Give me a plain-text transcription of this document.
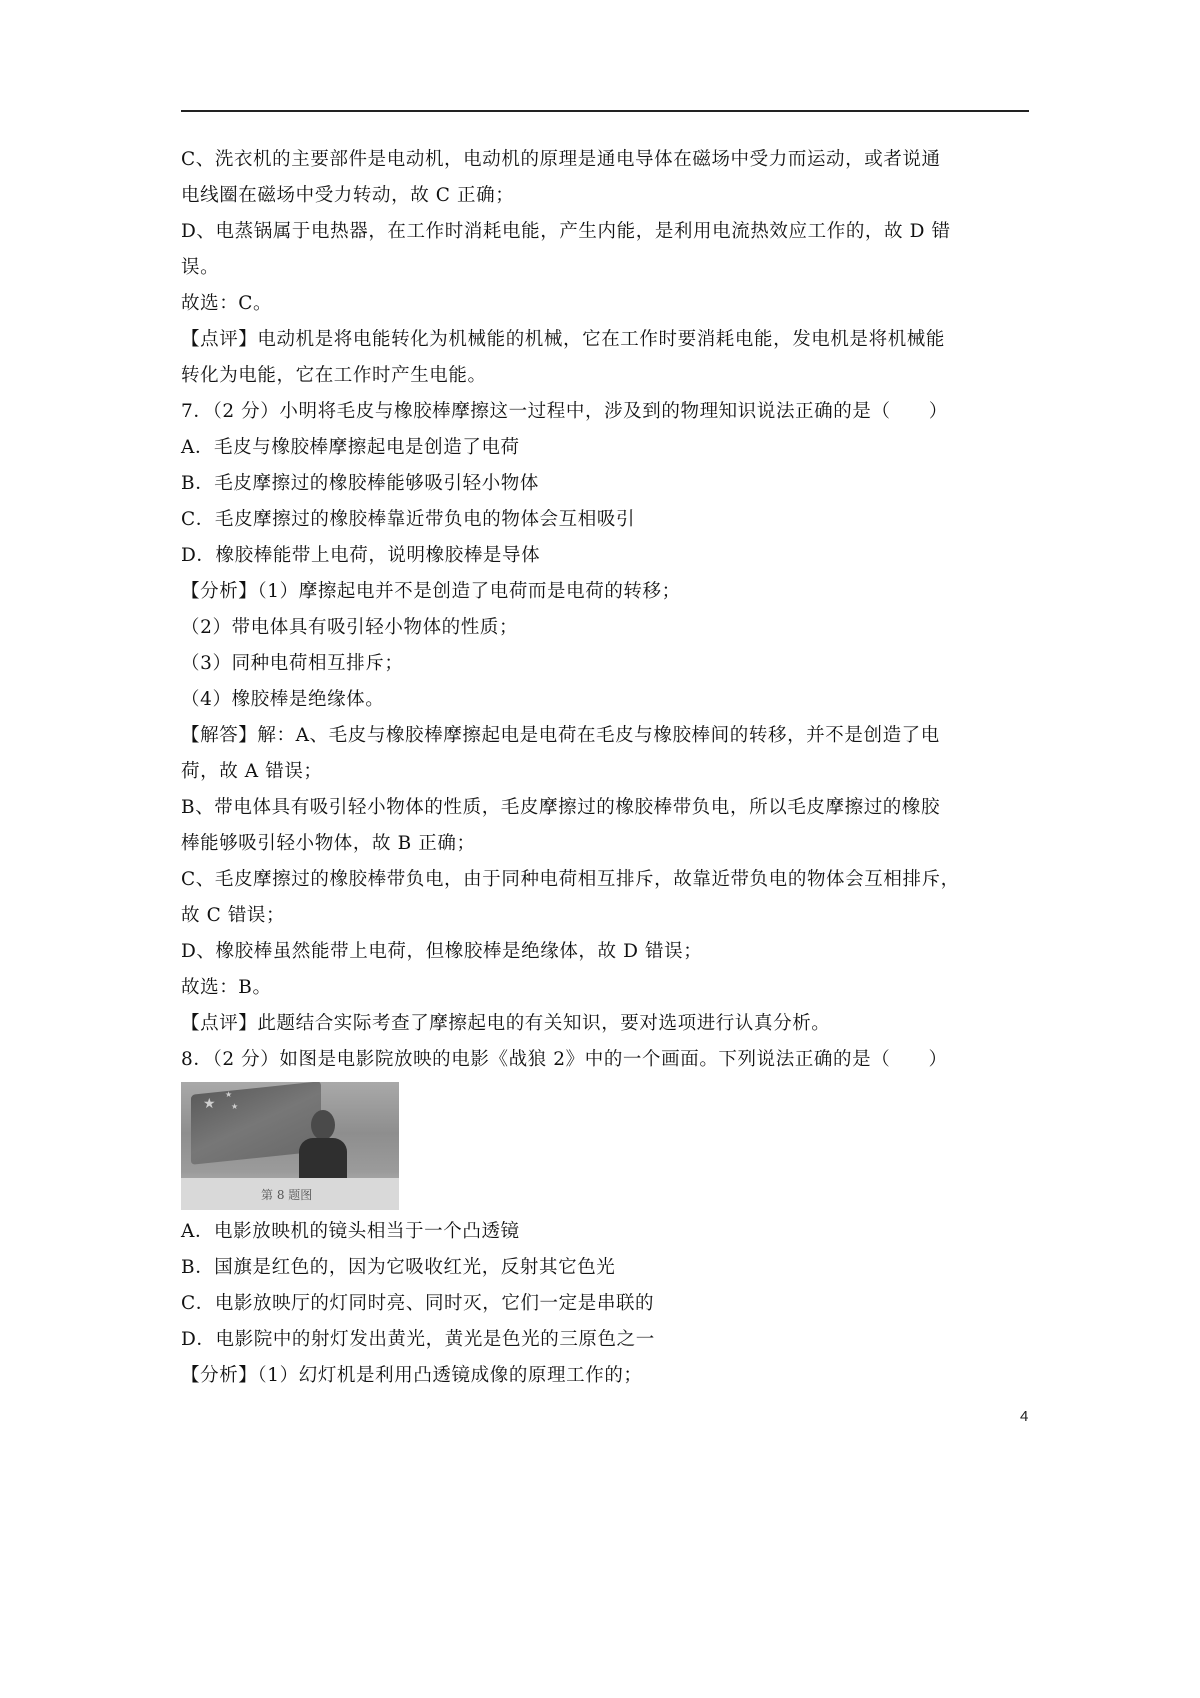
C、洗衣机的主要部件是电动机，电动机的原理是通电导体在磁场中受力而运动，或者说通
电线圈在磁场中受力转动，故 C 正确；
D、电蒸锅属于电热器，在工作时消耗电能，产生内能，是利用电流热效应工作的，故 D 错
误。
故选：C。
【点评】电动机是将电能转化为机械能的机械，它在工作时要消耗电能，发电机是将机械能
转化为电能，它在工作时产生电能。
7．（2 分）小明将毛皮与橡胶棒摩擦这一过程中，涉及到的物理知识说法正确的是（　　）
A．毛皮与橡胶棒摩擦起电是创造了电荷
B．毛皮摩擦过的橡胶棒能够吸引轻小物体
C．毛皮摩擦过的橡胶棒靠近带负电的物体会互相吸引
D．橡胶棒能带上电荷，说明橡胶棒是导体
【分析】（1）摩擦起电并不是创造了电荷而是电荷的转移；
（2）带电体具有吸引轻小物体的性质；
（3）同种电荷相互排斥；
（4）橡胶棒是绝缘体。
【解答】解：A、毛皮与橡胶棒摩擦起电是电荷在毛皮与橡胶棒间的转移，并不是创造了电
荷，故 A 错误；
B、带电体具有吸引轻小物体的性质，毛皮摩擦过的橡胶棒带负电，所以毛皮摩擦过的橡胶
棒能够吸引轻小物体，故 B 正确；
C、毛皮摩擦过的橡胶棒带负电，由于同种电荷相互排斥，故靠近带负电的物体会互相排斥，
故 C 错误；
D、橡胶棒虽然能带上电荷，但橡胶棒是绝缘体，故 D 错误；
故选：B。
【点评】此题结合实际考查了摩擦起电的有关知识，要对选项进行认真分析。
8．（2 分）如图是电影院放映的电影《战狼 2》中的一个画面。下列说法正确的是（　　）
★
★
★
第 8 题图
A．电影放映机的镜头相当于一个凸透镜
B．国旗是红色的，因为它吸收红光，反射其它色光
C．电影放映厅的灯同时亮、同时灭，它们一定是串联的
D．电影院中的射灯发出黄光，黄光是色光的三原色之一
【分析】（1）幻灯机是利用凸透镜成像的原理工作的；
4
